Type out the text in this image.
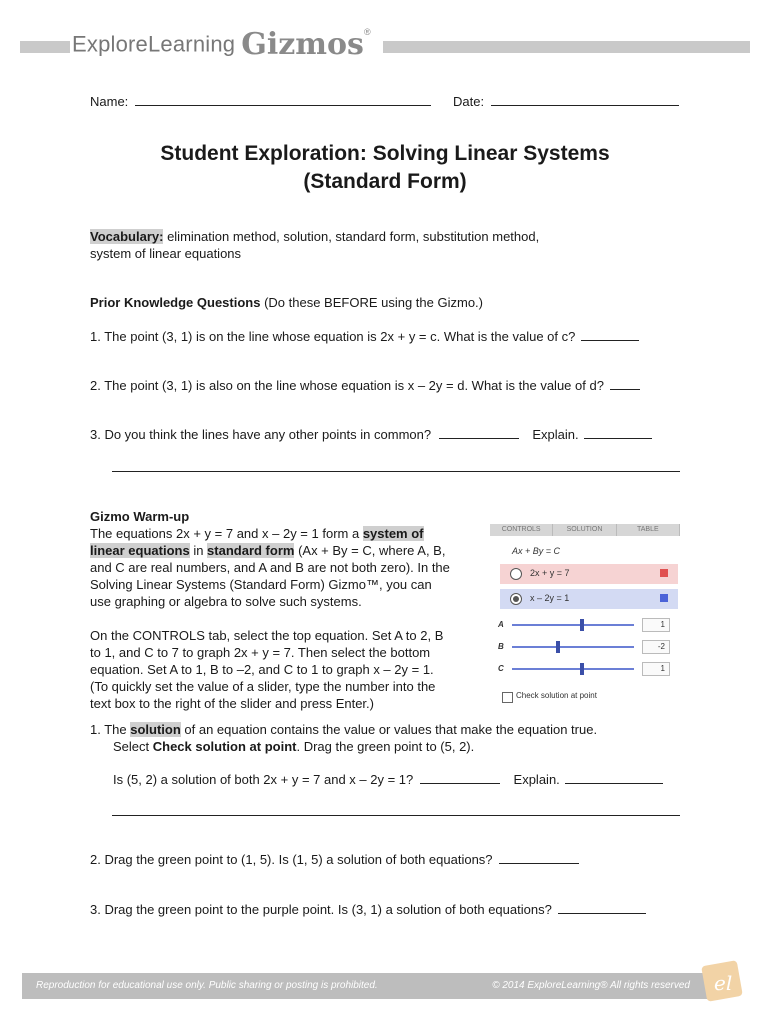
ExploreLearning Gizmos®
Name:	Date:
Student Exploration: Solving Linear Systems
(Standard Form)
Vocabulary: elimination method, solution, standard form, substitution method,
system of linear equations
Prior Knowledge Questions (Do these BEFORE using the Gizmo.)
1. The point (3, 1) is on the line whose equation is 2x + y = c. What is the value of c?
2. The point (3, 1) is also on the line whose equation is x – 2y = d. What is the value of d?
3. Do you think the lines have any other points in common?	Explain.
Gizmo Warm-up
The equations 2x + y = 7 and x – 2y = 1 form a system of
linear equations in standard form (Ax + By = C, where A, B,
and C are real numbers, and A and B are not both zero). In the
Solving Linear Systems (Standard Form) Gizmo™, you can
use graphing or algebra to solve such systems.
On the CONTROLS tab, select the top equation. Set A to 2, B
to 1, and C to 7 to graph 2x + y = 7. Then select the bottom
equation. Set A to 1, B to –2, and C to 1 to graph x – 2y = 1.
(To quickly set the value of a slider, type the number into the
text box to the right of the slider and press Enter.)
CONTROLS	SOLUTION	TABLE
Ax + By = C
2x + y = 7
x – 2y = 1
A	1
B	-2
C	1
Check solution at point
1. The solution of an equation contains the value or values that make the equation true.
Select Check solution at point. Drag the green point to (5, 2).
Is (5, 2) a solution of both 2x + y = 7 and x – 2y = 1?	Explain.
2. Drag the green point to (1, 5). Is (1, 5) a solution of both equations?
3. Drag the green point to the purple point. Is (3, 1) a solution of both equations?
Reproduction for educational use only. Public sharing or posting is prohibited.	© 2014 ExploreLearning® All rights reserved el
